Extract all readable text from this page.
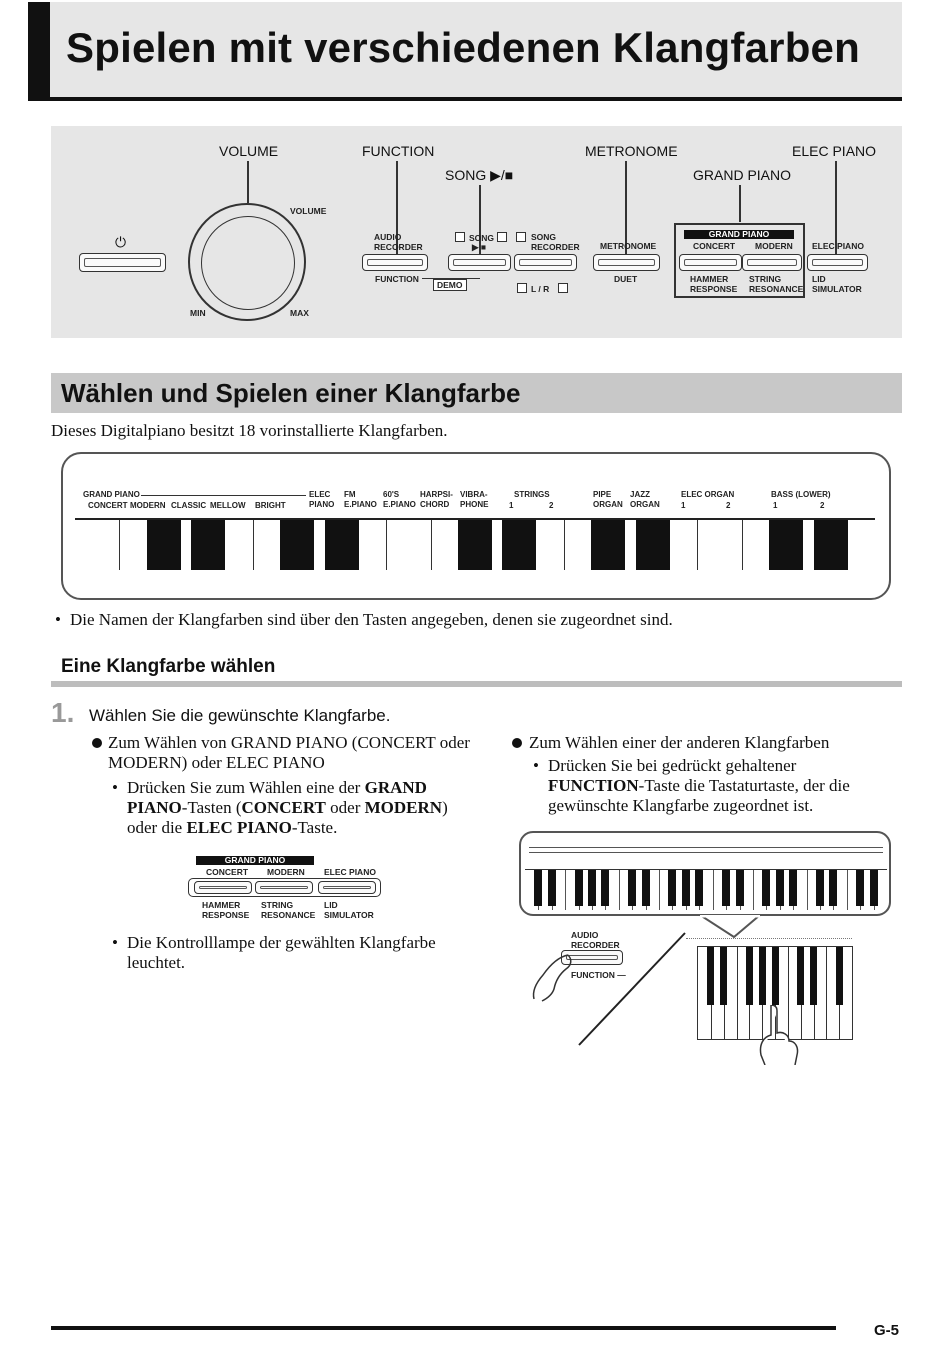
Spielen mit verschiedenen Klangfarben
VOLUME	FUNCTION
SONG ▶/■
METRONOME
GRAND PIANO
ELEC PIANO
⏻
VOLUME
MIN	MAX
AUDIO
RECORDER
FUNCTION
DEMO
SONG
▶ ■
SONG
RECORDER
L / R
METRONOME
DUET
GRAND PIANO
CONCERT MODERN
HAMMER
RESPONSE
STRING
RESONANCE
ELEC PIANO
LID
SIMULATOR
Wählen und Spielen einer Klangfarbe
Dieses Digitalpiano besitzt 18 vorinstallierte Klangfarben.
GRAND PIANO
CONCERT MODERN CLASSIC MELLOW BRIGHT
ELEC
PIANO
FM
E.PIANO
60'S
E.PIANO
HARPSI-
CHORD
VIBRA-
PHONE
STRINGS
1	2
PIPE
ORGAN
JAZZ
ORGAN
ELEC ORGAN
1	2
BASS (LOWER)
1	2
• Die Namen der Klangfarben sind über den Tasten angegeben, denen sie zugeordnet sind.
Eine Klangfarbe wählen
1. Wählen Sie die gewünschte Klangfarbe.
Zum Wählen von GRAND PIANO (CONCERT oder MODERN) oder ELEC PIANO
• Drücken Sie zum Wählen eine der GRAND PIANO-Tasten (CONCERT oder MODERN) oder die ELEC PIANO-Taste.
GRAND PIANO
CONCERT MODERN ELEC PIANO
HAMMER
RESPONSE
STRING
RESONANCE
LID
SIMULATOR
• Die Kontrolllampe der gewählten Klangfarbe leuchtet.
Zum Wählen einer der anderen Klangfarben
• Drücken Sie bei gedrückt gehaltener FUNCTION-Taste die Tastaturtaste, der die gewünschte Klangfarbe zugeordnet ist.
AUDIO
RECORDER
FUNCTION —
G-5
